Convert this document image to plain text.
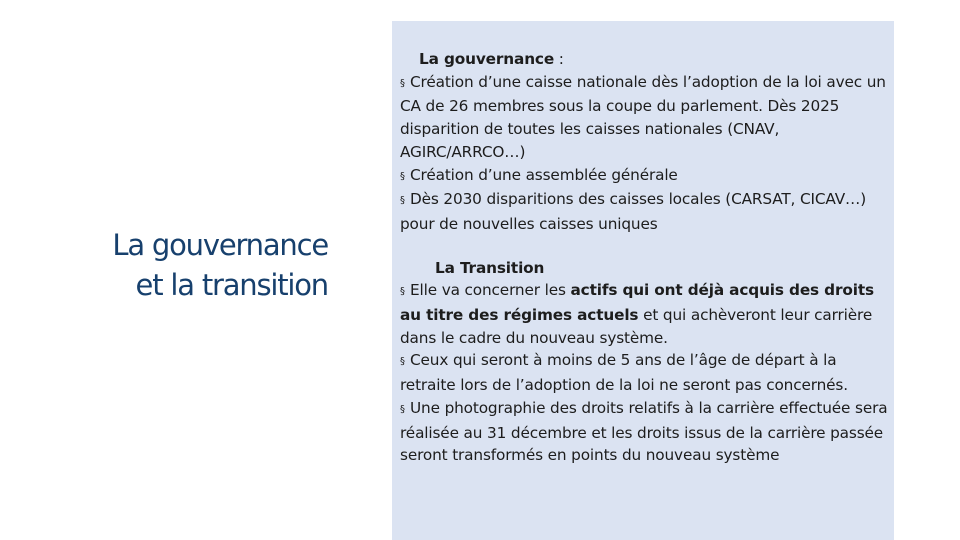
La gouvernance
et la transition
La gouvernance :
§ Création d’une caisse nationale dès l’adoption de la loi avec un CA de 26 membres sous la coupe du parlement. Dès 2025 disparition de toutes les caisses nationales (CNAV, AGIRC/ARRCO…)
§ Création d’une assemblée générale
§ Dès 2030 disparitions des caisses locales (CARSAT, CICAV…) pour de nouvelles caisses uniques
La Transition
§ Elle va concerner les actifs qui ont déjà acquis des droits au titre des régimes actuels et qui achèveront leur carrière dans le cadre du nouveau système.
§ Ceux qui seront à moins de 5 ans de l’âge de départ à la retraite lors de l’adoption de la loi ne seront pas concernés.
§ Une photographie des droits relatifs à la carrière effectuée sera réalisée au 31 décembre et les droits issus de la carrière passée seront transformés en points du nouveau système
